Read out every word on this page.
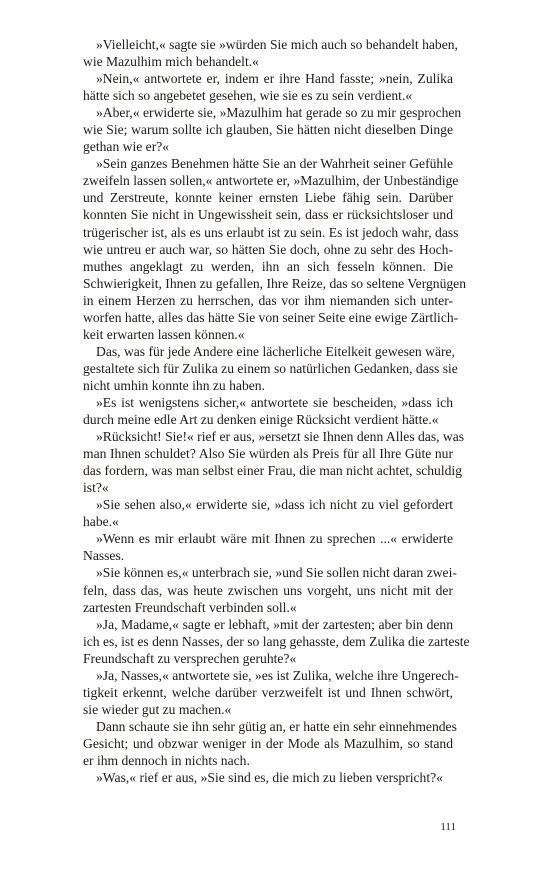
»Vielleicht,« sagte sie »würden Sie mich auch so behandelt haben,
wie Mazulhim mich behandelt.«
»Nein,« antwortete er, indem er ihre Hand fasste; »nein, Zulika
hätte sich so angebetet gesehen, wie sie es zu sein verdient.«
»Aber,« erwiderte sie, »Mazulhim hat gerade so zu mir gesprochen
wie Sie; warum sollte ich glauben, Sie hätten nicht dieselben Dinge
gethan wie er?«
»Sein ganzes Benehmen hätte Sie an der Wahrheit seiner Gefühle
zweifeln lassen sollen,« antwortete er, »Mazulhim, der Unbeständige
und Zerstreute, konnte keiner ernsten Liebe fähig sein. Darüber
konnten Sie nicht in Ungewissheit sein, dass er rücksichtsloser und
trügerischer ist, als es uns erlaubt ist zu sein. Es ist jedoch wahr, dass
wie untreu er auch war, so hätten Sie doch, ohne zu sehr des Hoch-
muthes angeklagt zu werden, ihn an sich fesseln können. Die
Schwierigkeit, Ihnen zu gefallen, Ihre Reize, das so seltene Vergnügen
in einem Herzen zu herrschen, das vor ihm niemanden sich unter-
worfen hatte, alles das hätte Sie von seiner Seite eine ewige Zärtlich-
keit erwarten lassen können.«
Das, was für jede Andere eine lächerliche Eitelkeit gewesen wäre,
gestaltete sich für Zulika zu einem so natürlichen Gedanken, dass sie
nicht umhin konnte ihn zu haben.
»Es ist wenigstens sicher,« antwortete sie bescheiden, »dass ich
durch meine edle Art zu denken einige Rücksicht verdient hätte.«
»Rücksicht! Sie!« rief er aus, »ersetzt sie Ihnen denn Alles das, was
man Ihnen schuldet? Also Sie würden als Preis für all Ihre Güte nur
das fordern, was man selbst einer Frau, die man nicht achtet, schuldig
ist?«
»Sie sehen also,« erwiderte sie, »dass ich nicht zu viel gefordert
habe.«
»Wenn es mir erlaubt wäre mit Ihnen zu sprechen ...« erwiderte
Nasses.
»Sie können es,« unterbrach sie, »und Sie sollen nicht daran zwei-
feln, dass das, was heute zwischen uns vorgeht, uns nicht mit der
zartesten Freundschaft verbinden soll.«
»Ja, Madame,« sagte er lebhaft, »mit der zartesten; aber bin denn
ich es, ist es denn Nasses, der so lang gehasste, dem Zulika die zarteste
Freundschaft zu versprechen geruhte?«
»Ja, Nasses,« antwortete sie, »es ist Zulika, welche ihre Ungerech-
tigkeit erkennt, welche darüber verzweifelt ist und Ihnen schwört,
sie wieder gut zu machen.«
Dann schaute sie ihn sehr gütig an, er hatte ein sehr einnehmendes
Gesicht; und obzwar weniger in der Mode als Mazulhim, so stand
er ihm dennoch in nichts nach.
»Was,« rief er aus, »Sie sind es, die mich zu lieben verspricht?«
111
